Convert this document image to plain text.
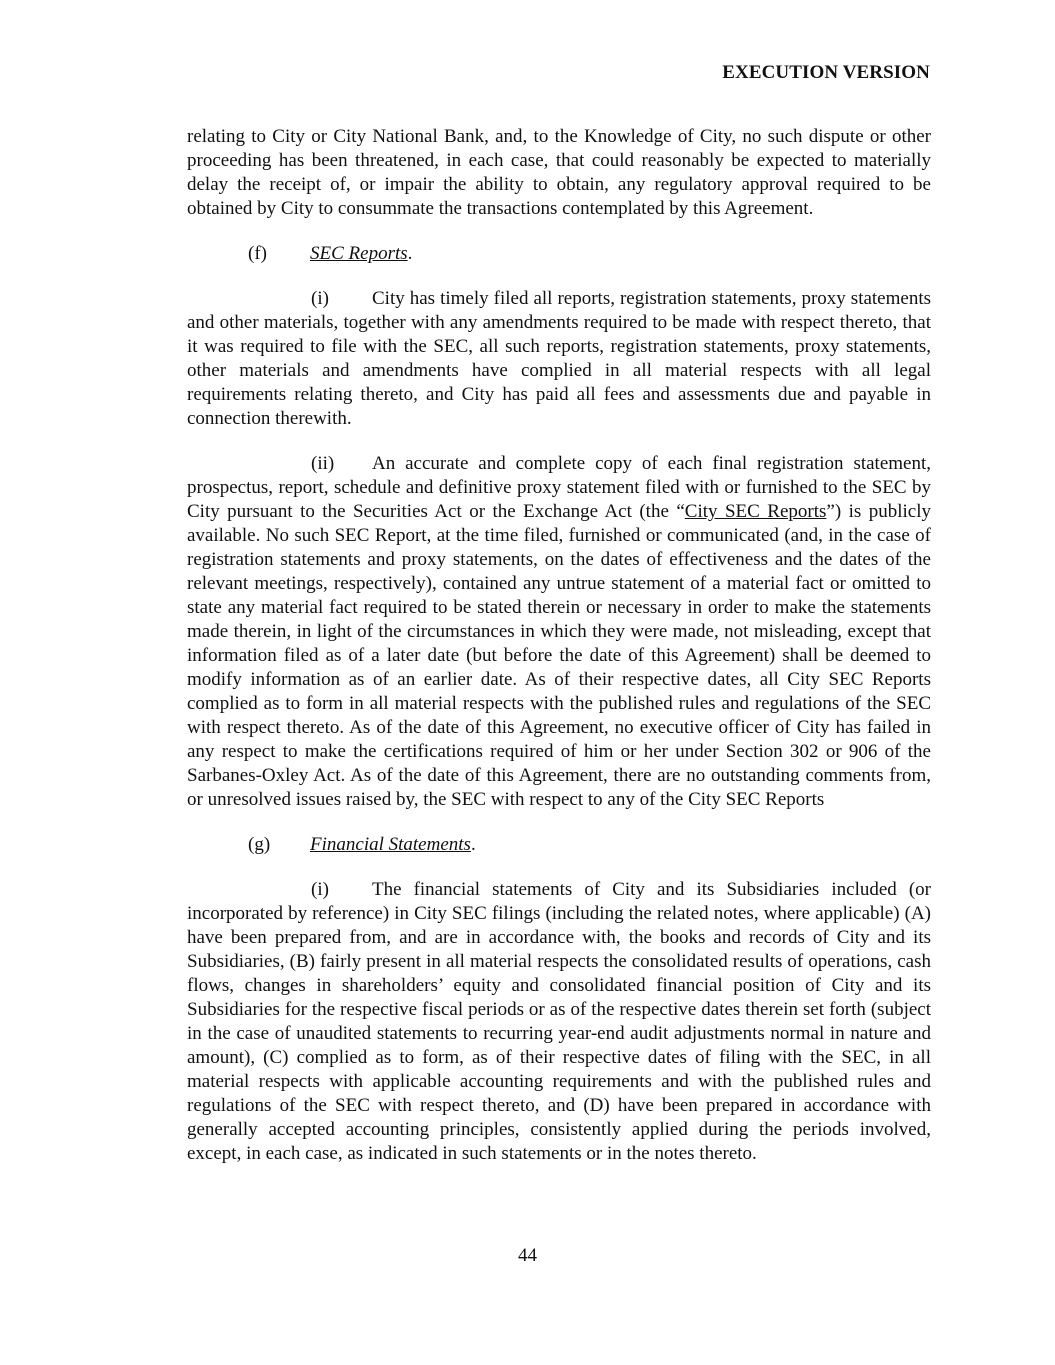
EXECUTION VERSION

relating to City or City National Bank, and, to the Knowledge of City, no such dispute or other proceeding has been threatened, in each case, that could reasonably be expected to materially delay the receipt of, or impair the ability to obtain, any regulatory approval required to be obtained by City to consummate the transactions contemplated by this Agreement.

(f) SEC Reports.

(i) City has timely filed all reports, registration statements, proxy statements and other materials, together with any amendments required to be made with respect thereto, that it was required to file with the SEC, all such reports, registration statements, proxy statements, other materials and amendments have complied in all material respects with all legal requirements relating thereto, and City has paid all fees and assessments due and payable in connection therewith.

(ii) An accurate and complete copy of each final registration statement, prospectus, report, schedule and definitive proxy statement filed with or furnished to the SEC by City pursuant to the Securities Act or the Exchange Act (the “City SEC Reports”) is publicly available. No such SEC Report, at the time filed, furnished or communicated (and, in the case of registration statements and proxy statements, on the dates of effectiveness and the dates of the relevant meetings, respectively), contained any untrue statement of a material fact or omitted to state any material fact required to be stated therein or necessary in order to make the statements made therein, in light of the circumstances in which they were made, not misleading, except that information filed as of a later date (but before the date of this Agreement) shall be deemed to modify information as of an earlier date. As of their respective dates, all City SEC Reports complied as to form in all material respects with the published rules and regulations of the SEC with respect thereto. As of the date of this Agreement, no executive officer of City has failed in any respect to make the certifications required of him or her under Section 302 or 906 of the Sarbanes-Oxley Act. As of the date of this Agreement, there are no outstanding comments from, or unresolved issues raised by, the SEC with respect to any of the City SEC Reports

(g) Financial Statements.

(i) The financial statements of City and its Subsidiaries included (or incorporated by reference) in City SEC filings (including the related notes, where applicable) (A) have been prepared from, and are in accordance with, the books and records of City and its Subsidiaries, (B) fairly present in all material respects the consolidated results of operations, cash flows, changes in shareholders’ equity and consolidated financial position of City and its Subsidiaries for the respective fiscal periods or as of the respective dates therein set forth (subject in the case of unaudited statements to recurring year-end audit adjustments normal in nature and amount), (C) complied as to form, as of their respective dates of filing with the SEC, in all material respects with applicable accounting requirements and with the published rules and regulations of the SEC with respect thereto, and (D) have been prepared in accordance with generally accepted accounting principles, consistently applied during the periods involved, except, in each case, as indicated in such statements or in the notes thereto.

44
